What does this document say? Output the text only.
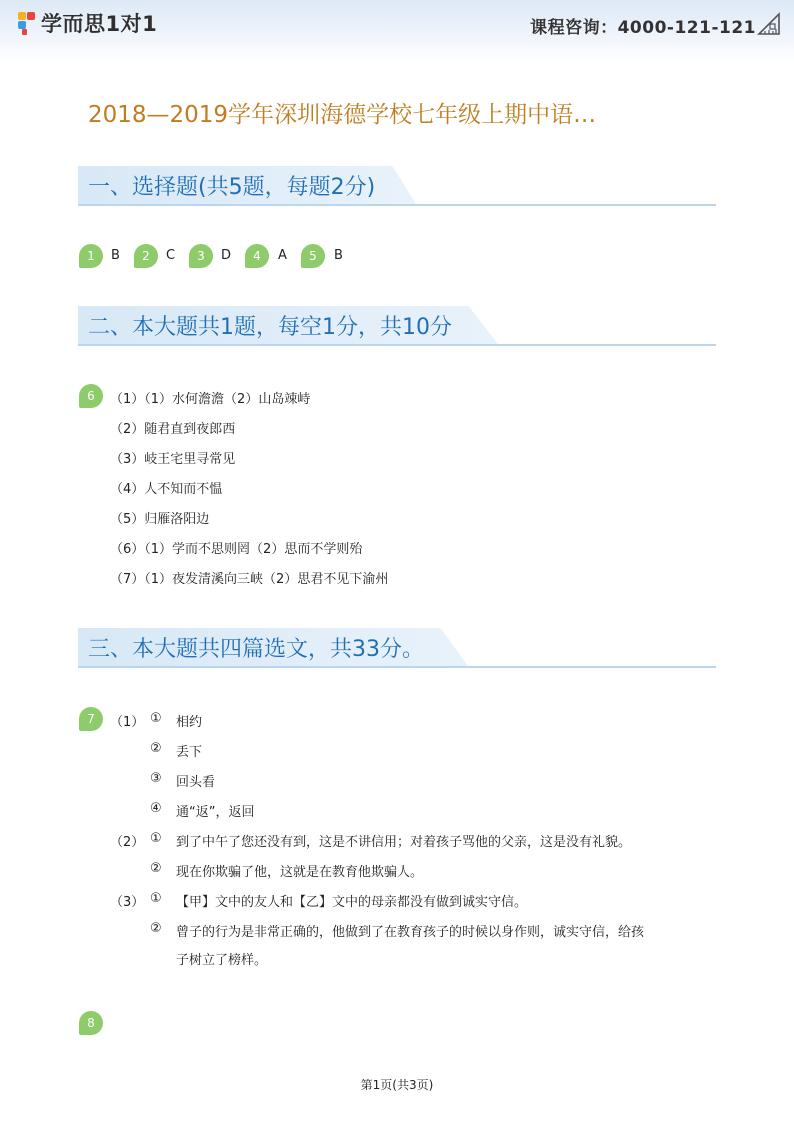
学而思1对1	课程咨询：4000-121-121
2018—2019学年深圳海德学校七年级上期中语…
一、选择题(共5题，每题2分)
1	B	2	C	3	D	4	A	5	B
二、本大题共1题，每空1分，共10分
6	（1）（1）水何澹澹（2）山岛竦峙
（2）随君直到夜郎西
（3）岐王宅里寻常见
（4）人不知而不愠
（5）归雁洛阳边
（6）（1）学而不思则罔（2）思而不学则殆
（7）（1）夜发清溪向三峡（2）思君不见下渝州
三、本大题共四篇选文，共33分。
7	（1） ① 相约
② 丢下
③ 回头看
④ 通“返”，返回
（2） ① 到了中午了您还没有到，这是不讲信用；对着孩子骂他的父亲，这是没有礼貌。
② 现在你欺骗了他，这就是在教育他欺骗人。
（3） ① 【甲】文中的友人和【乙】文中的母亲都没有做到诚实守信。
② 曾子的行为是非常正确的，他做到了在教育孩子的时候以身作则，诚实守信，给孩
子树立了榜样。
8
第1页(共3页)
